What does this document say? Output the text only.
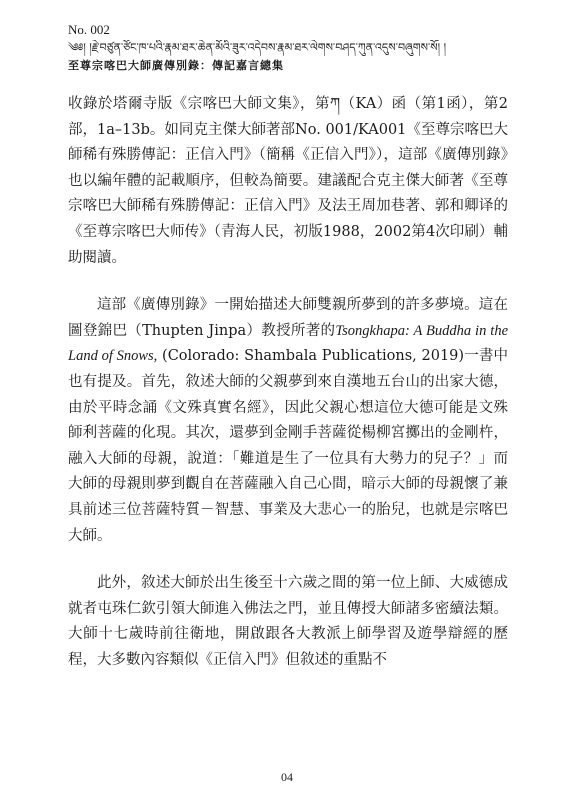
No. 002
༄༅། །རྗེ་བཙུན་ཙོང་ཁ་པའི་རྣམ་ཐར་ཆེན་མོའི་ཟུར་འདེབས་རྣམ་ཐར་ལེགས་བཤད་ཀུན་འདུས་བཞུགས་སོ། །
至尊宗喀巴大師廣傳別錄：傳記嘉言總集
收錄於塔爾寺版《宗喀巴大師文集》，第ཀ（KA）函（第1函），第2部，1a–13b。如同克主傑大師著部No. 001/KA001《至尊宗喀巴大師稀有殊勝傳記：正信入門》（簡稱《正信入門》），這部《廣傳別錄》也以編年體的記載順序，但較為簡要。建議配合克主傑大師著《至尊宗喀巴大師稀有殊勝傳記：正信入門》及法王周加巷著、郭和卿译的《至尊宗喀巴大师传》（青海人民，初版1988，2002第4次印刷）輔助閱讀。
這部《廣傳別錄》一開始描述大師雙親所夢到的許多夢境。這在圖登錦巴（Thupten Jinpa）教授所著的Tsongkhapa: A Buddha in the Land of Snows, (Colorado: Shambala Publications, 2019)一書中也有提及。首先，敘述大師的父親夢到來自漢地五台山的出家大德，由於平時念誦《文殊真實名經》，因此父親心想這位大德可能是文殊師利菩薩的化現。其次，還夢到金剛手菩薩從楊柳宮擲出的金剛杵，融入大師的母親，說道：「難道是生了一位具有大勢力的兒子？」而大師的母親則夢到觀自在菩薩融入自己心間，暗示大師的母親懷了兼具前述三位菩薩特質－智慧、事業及大悲心一的胎兒，也就是宗喀巴大師。
此外，敘述大師於出生後至十六歲之間的第一位上師、大威德成就者屯珠仁欽引領大師進入佛法之門，並且傳授大師諸多密續法類。大師十七歲時前往衛地，開啟跟各大教派上師學習及遊學辯經的歷程，大多數內容類似《正信入門》但敘述的重點不
04
